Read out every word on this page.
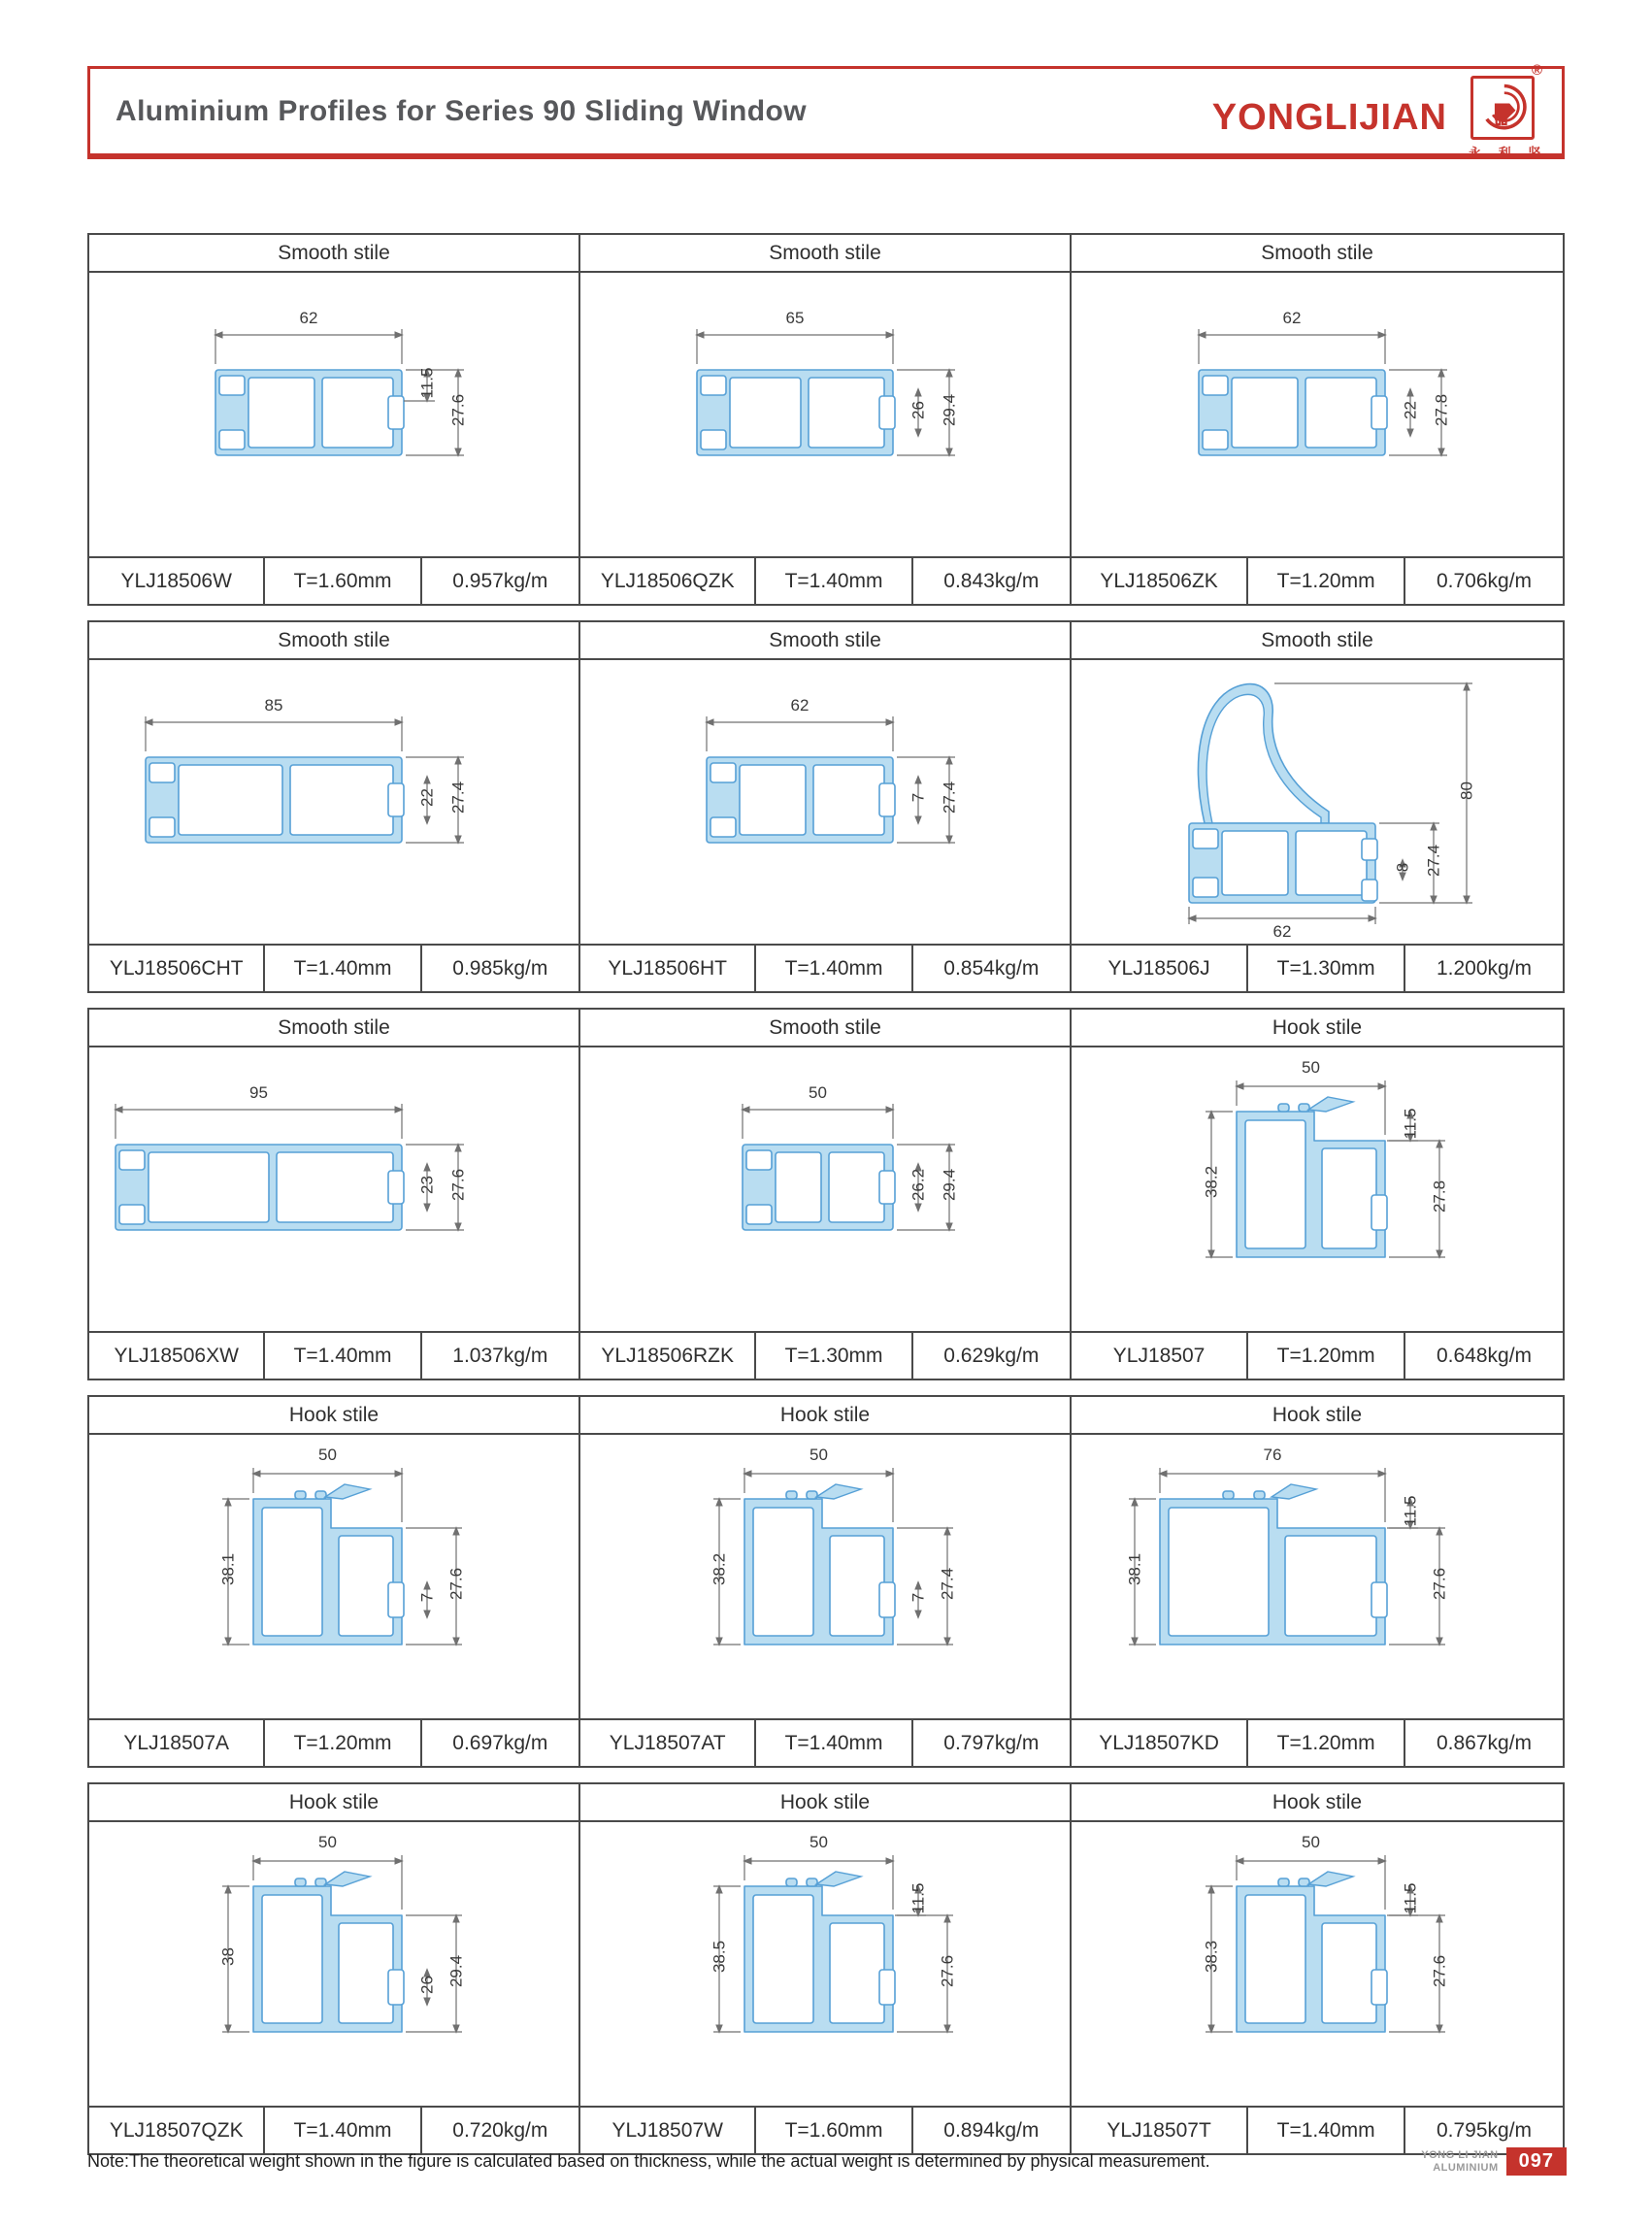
Aluminium Profiles for Series 90 Sliding Window	YONGLIJIAN
®
永 利 坚
Smooth stile
62
11.5
27.6
YLJ18506W	T=1.60mm	0.957kg/m
Smooth stile
65
26 29.4
YLJ18506QZK	T=1.40mm	0.843kg/m
Smooth stile
62
22 27.8
YLJ18506ZK	T=1.20mm	0.706kg/m
Smooth stile
85
22 27.4
YLJ18506CHT	T=1.40mm	0.985kg/m
Smooth stile
62
7 27.4
YLJ18506HT	T=1.40mm	0.854kg/m
Smooth stile
62
27.4
8
80
YLJ18506J	T=1.30mm	1.200kg/m
Smooth stile
95
23 27.6
YLJ18506XW	T=1.40mm	1.037kg/m
Smooth stile
50
26.2 29.4
YLJ18506RZK	T=1.30mm	0.629kg/m
Hook stile
50
38.2
11.5
27.8
YLJ18507	T=1.20mm	0.648kg/m
Hook stile
50
38.1
7 27.6
YLJ18507A	T=1.20mm	0.697kg/m
Hook stile
50
38.2
7 27.4
YLJ18507AT	T=1.40mm	0.797kg/m
Hook stile
76
38.1
11.5
27.6
YLJ18507KD	T=1.20mm	0.867kg/m
Hook stile
50
38
26 29.4
YLJ18507QZK	T=1.40mm	0.720kg/m
Hook stile
50
38.5
11.5
27.6
YLJ18507W	T=1.60mm	0.894kg/m
Hook stile
50
38.3
11.5
27.6
YLJ18507T	T=1.40mm	0.795kg/m
Note:The theoretical weight shown in the figure is calculated based on thickness, while the actual weight is determined by physical measurement.	YONG LI JIAN
ALUMINIUM	097
